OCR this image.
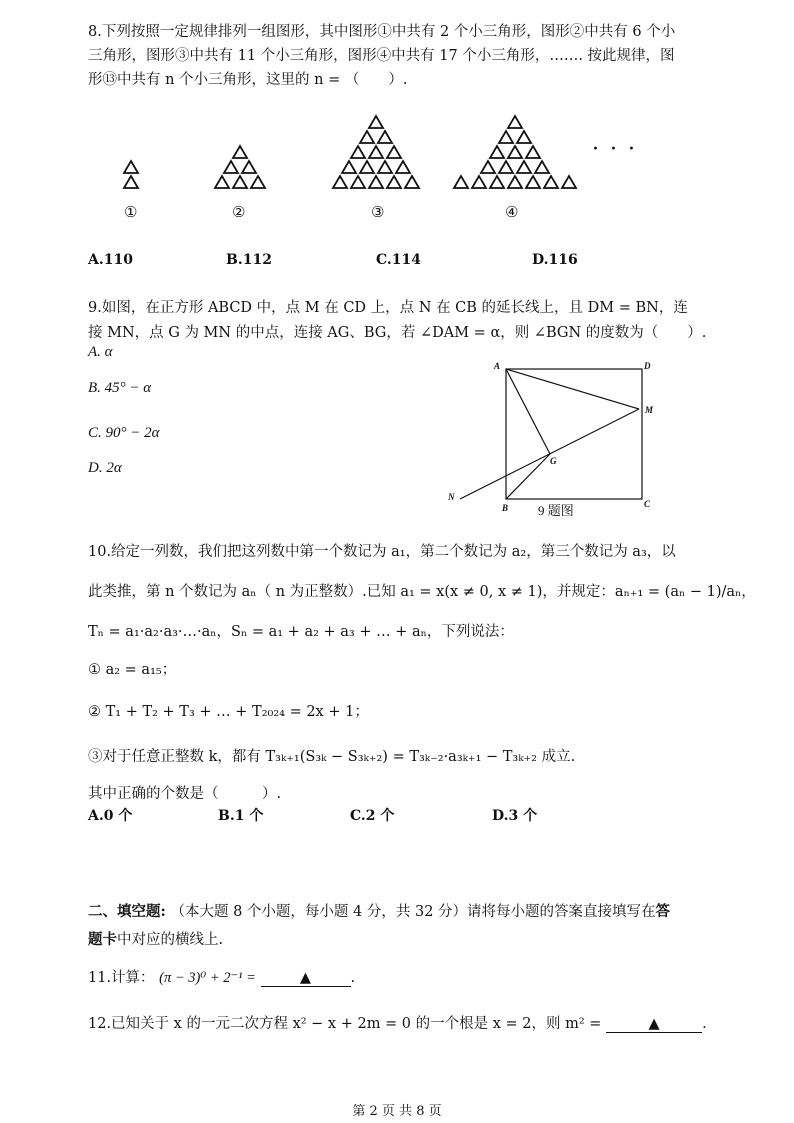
8.下列按照一定规律排列一组图形，其中图形①中共有 2 个小三角形，图形②中共有 6 个小
三角形，图形③中共有 11 个小三角形，图形④中共有 17 个小三角形，……. 按此规律，图
形⑬中共有 n 个小三角形，这里的 n = （　　）.
· · ·
①	②	③	④
A.110	B.112	C.114	D.116
9.如图，在正方形 ABCD 中，点 M 在 CD 上，点 N 在 CB 的延长线上，且 DM = BN，连
接 MN，点 G 为 MN 的中点，连接 AG、BG，若 ∠DAM = α，则 ∠BGN 的度数为（　　）.
A. α
B. 45° − α
C. 90° − 2α
D. 2α
A	D
M
G
N
B	C
9 题图
10.给定一列数，我们把这列数中第一个数记为 a₁，第二个数记为 a₂，第三个数记为 a₃，以
此类推，第 n 个数记为 aₙ（ n 为正整数）.已知 a₁ = x(x ≠ 0, x ≠ 1)，并规定：aₙ₊₁ = (aₙ − 1)/aₙ，
Tₙ = a₁·a₂·a₃·…·aₙ，Sₙ = a₁ + a₂ + a₃ + … + aₙ，下列说法：
① a₂ = a₁₅；
② T₁ + T₂ + T₃ + … + T₂₀₂₄ = 2x + 1；
③对于任意正整数 k，都有 T₃ₖ₊₁(S₃ₖ − S₃ₖ₊₂) = T₃ₖ₋₂·a₃ₖ₊₁ − T₃ₖ₊₂ 成立.
其中正确的个数是（　　　）.
A.0 个	B.1 个	C.2 个	D.3 个
二、填空题: （本大题 8 个小题，每小题 4 分，共 32 分）请将每小题的答案直接填写在答
题卡中对应的横线上.
11.计算： (π − 3)⁰ + 2⁻¹ =	▲	.
12.已知关于 x 的一元二次方程 x² − x + 2m = 0 的一个根是 x = 2，则 m² =	▲	.
第 2 页 共 8 页
